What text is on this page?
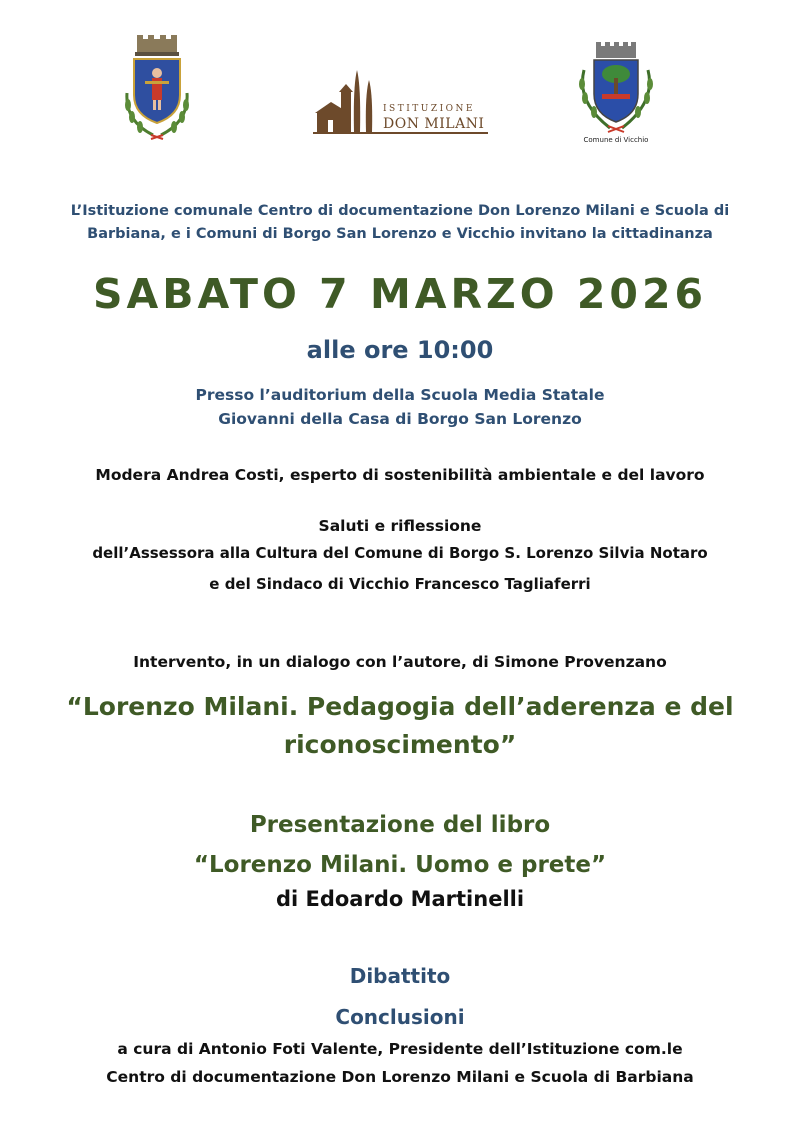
ISTITUZIONE
DON MILANI
Comune di Vicchio
L’Istituzione comunale Centro di documentazione Don Lorenzo Milani e Scuola di
Barbiana, e i Comuni di Borgo San Lorenzo e Vicchio invitano la cittadinanza
SABATO 7 MARZO 2026
alle ore 10:00
Presso l’auditorium della Scuola Media Statale
Giovanni della Casa di Borgo San Lorenzo
Modera Andrea Costi, esperto di sostenibilità ambientale e del lavoro
Saluti e riflessione
dell’Assessora alla Cultura del Comune di Borgo S. Lorenzo Silvia Notaro
e del Sindaco di Vicchio Francesco Tagliaferri
Intervento, in un dialogo con l’autore, di Simone Provenzano
“Lorenzo Milani. Pedagogia dell’aderenza e del
riconoscimento”
Presentazione del libro
“Lorenzo Milani. Uomo e prete”
di Edoardo Martinelli
Dibattito
Conclusioni
a cura di Antonio Foti Valente, Presidente dell’Istituzione com.le
Centro di documentazione Don Lorenzo Milani e Scuola di Barbiana
